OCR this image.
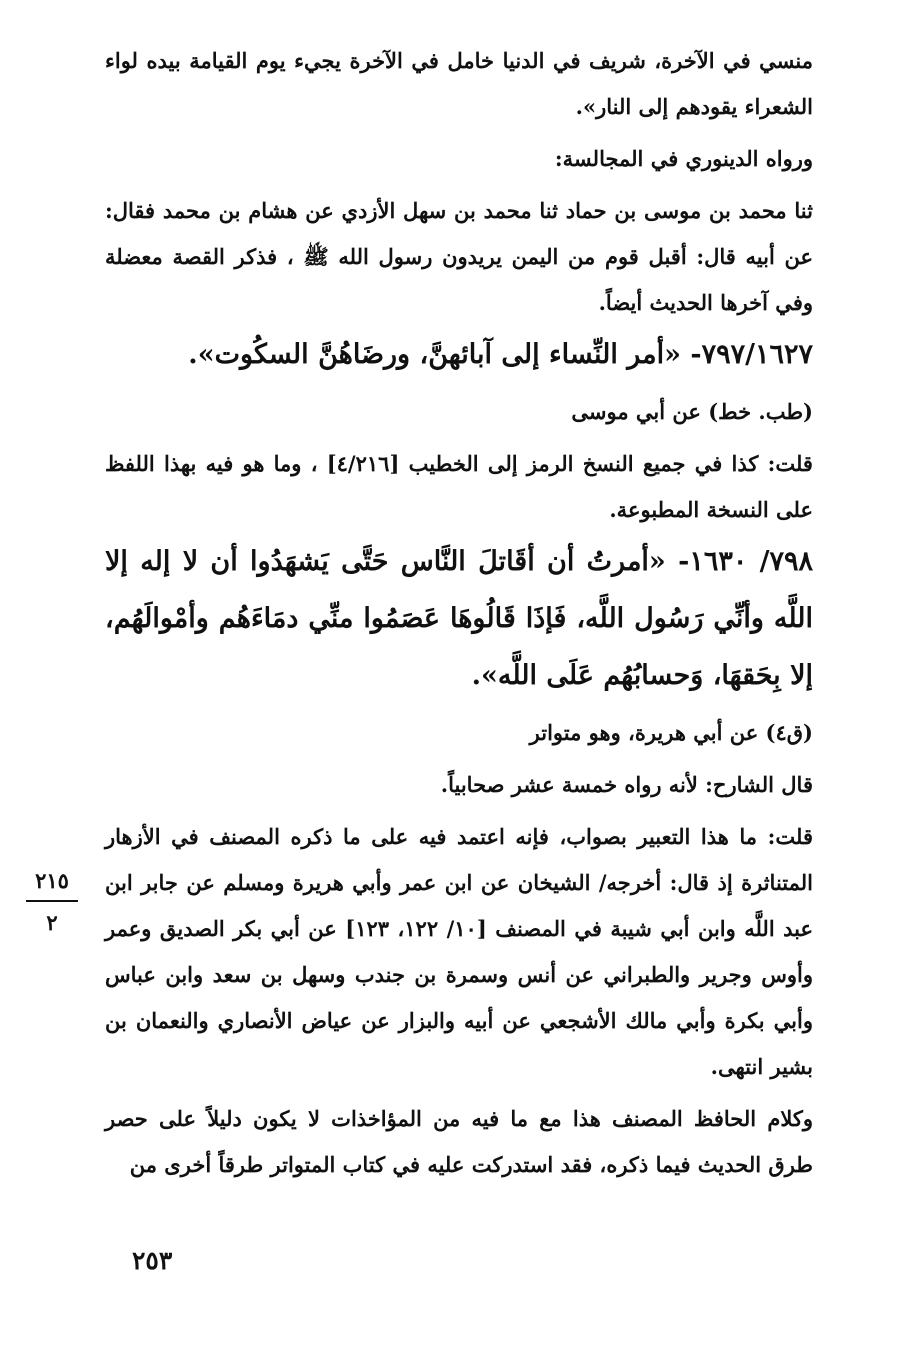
منسي في الآخرة، شريف في الدنيا خامل في الآخرة يجيء يوم القيامة بيده لواء الشعراء يقودهم إلى النار».

ورواه الدينوري في المجالسة:

ثنا محمد بن موسى بن حماد ثنا محمد بن سهل الأزدي عن هشام بن محمد فقال: عن أبيه قال: أقبل قوم من اليمن يريدون رسول الله ﷺ ، فذكر القصة معضلة وفي آخرها الحديث أيضاً.

٧٩٧/١٦٢٧- «أمر النِّساء إلى آبائهنَّ، ورضَاهُنَّ السكُوت».

(طب. خط) عن أبي موسى

قلت: كذا في جميع النسخ الرمز إلى الخطيب [٤/٢١٦] ، وما هو فيه بهذا اللفظ على النسخة المطبوعة.

٧٩٨/ ١٦٣٠- «أمرتُ أن أقَاتلَ النَّاس حَتَّى يَشهَدُوا أن لا إله إلا اللَّه وأنِّي رَسُول اللَّه، فَإذَا قَالُوهَا عَصَمُوا منِّي دمَاءَهُم وأمْوالَهُم، إلا بِحَقهَا، وَحسابُهُم عَلَى اللَّه».

(ق٤) عن أبي هريرة، وهو متواتر

قال الشارح: لأنه رواه خمسة عشر صحابياً.

قلت: ما هذا التعبير بصواب، فإنه اعتمد فيه على ما ذكره المصنف في الأزهار المتناثرة إذ قال: أخرجه/ الشيخان عن ابن عمر وأبي هريرة ومسلم عن جابر ابن عبد اللَّه وابن أبي شيبة في المصنف [١٠/ ١٢٢، ١٢٣] عن أبي بكر الصديق وعمر وأوس وجرير والطبراني عن أنس وسمرة بن جندب وسهل بن سعد وابن عباس وأبي بكرة وأبي مالك الأشجعي عن أبيه والبزار عن عياض الأنصاري والنعمان بن بشير انتهى.

وكلام الحافظ المصنف هذا مع ما فيه من المؤاخذات لا يكون دليلاً على حصر طرق الحديث فيما ذكره، فقد استدركت عليه في كتاب المتواتر طرقاً أخرى من

٢١٥
٢
٢٥٣
